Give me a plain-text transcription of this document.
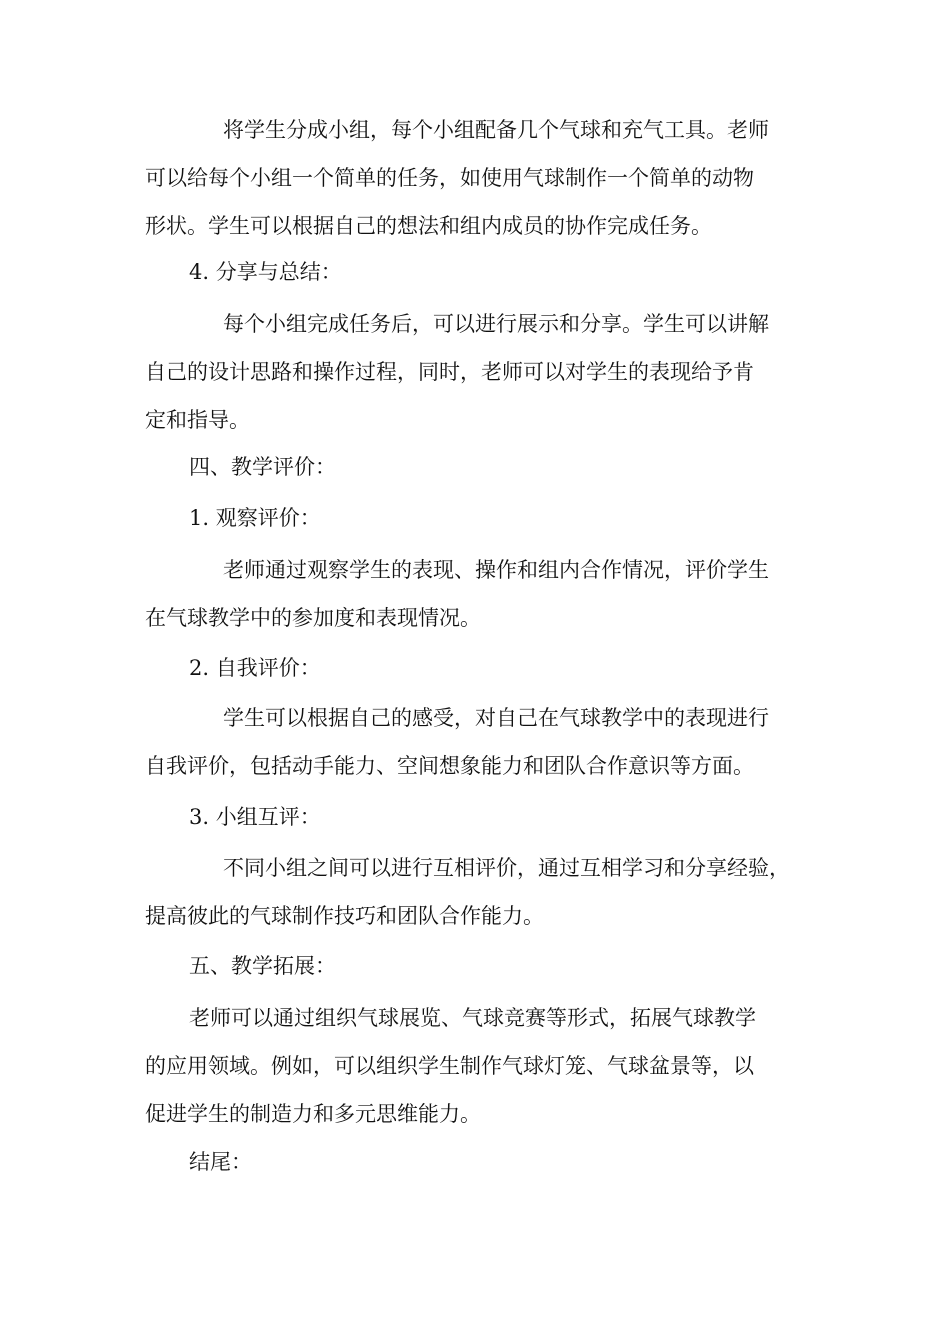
将学生分成小组，每个小组配备几个气球和充气工具。老师
可以给每个小组一个简单的任务，如使用气球制作一个简单的动物
形状。学生可以根据自己的想法和组内成员的协作完成任务。
4. 分享与总结：
每个小组完成任务后，可以进行展示和分享。学生可以讲解
自己的设计思路和操作过程，同时，老师可以对学生的表现给予肯
定和指导。
四、教学评价：
1. 观察评价：
老师通过观察学生的表现、操作和组内合作情况，评价学生
在气球教学中的参加度和表现情况。
2. 自我评价：
学生可以根据自己的感受，对自己在气球教学中的表现进行
自我评价，包括动手能力、空间想象能力和团队合作意识等方面。
3. 小组互评：
不同小组之间可以进行互相评价，通过互相学习和分享经验，
提高彼此的气球制作技巧和团队合作能力。
五、教学拓展：
老师可以通过组织气球展览、气球竞赛等形式，拓展气球教学
的应用领域。例如，可以组织学生制作气球灯笼、气球盆景等，以
促进学生的制造力和多元思维能力。
结尾：
